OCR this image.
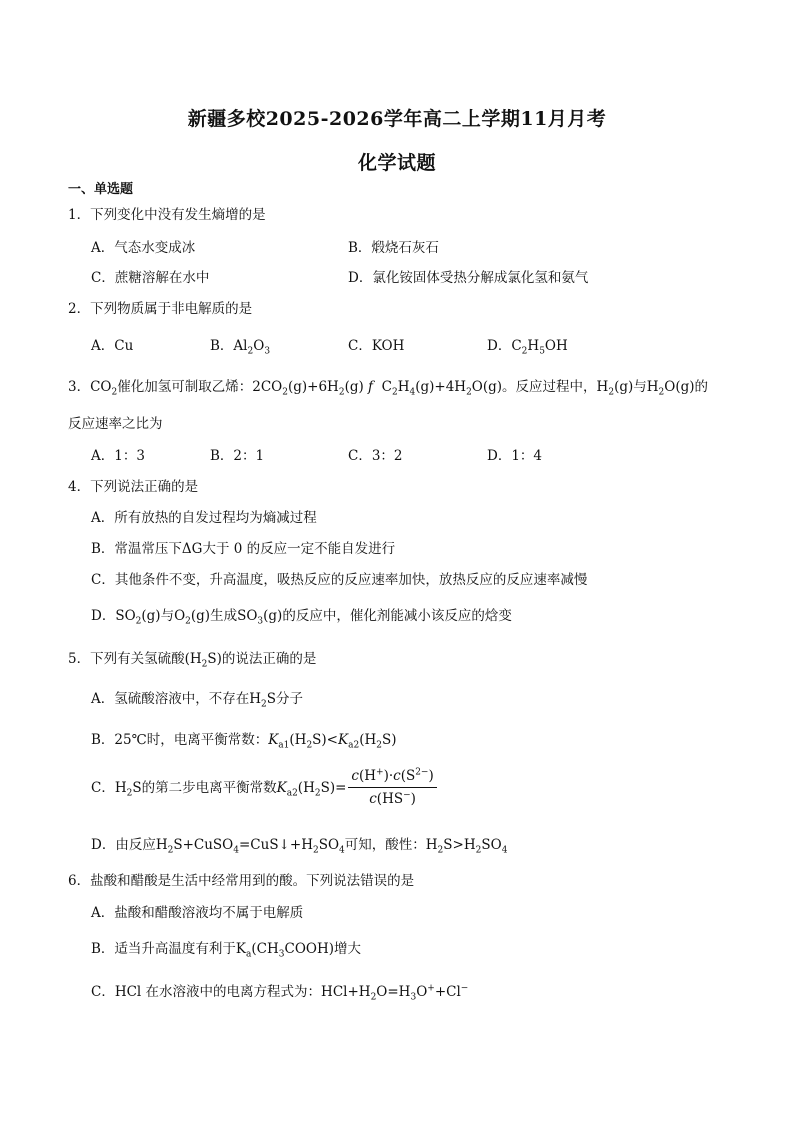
新疆多校2025-2026学年高二上学期11月月考
化学试题
一、单选题
1．下列变化中没有发生熵增的是
A．气态水变成冰	B．煅烧石灰石
C．蔗糖溶解在水中	D．氯化铵固体受热分解成氯化氢和氨气
2．下列物质属于非电解质的是
A．Cu	B．$Al_2O_3$	C．KOH	D．$C_2H_5OH$
3．$CO_2$催化加氢可制取乙烯：$2CO_2(g)+6H_2(g)$ f  $C_2H_4(g)+4H_2O(g)$。反应过程中，$H_2(g)$与$H_2O(g)$的
反应速率之比为
A．1：3	B．2：1	C．3：2	D．1：4
4．下列说法正确的是
A．所有放热的自发过程均为熵减过程
B．常温常压下ΔG大于 0 的反应一定不能自发进行
C．其他条件不变，升高温度，吸热反应的反应速率加快，放热反应的反应速率减慢
D．$SO_2(g)$与$O_2(g)$生成$SO_3(g)$的反应中，催化剂能减小该反应的焓变
5．下列有关氢硫酸$(H_2S)$的说法正确的是
A．氢硫酸溶液中，不存在$H_2S$分子
B．25℃时，电离平衡常数：$K_{a1}(H_2S)<K_{a2}(H_2S)$
C．$H_2S$的第二步电离平衡常数$K_{a2}(H_2S)= \frac{c(H^+)\cdot c(S^{2-})}{c(HS^-)}$
D．由反应$H_2S+CuSO_4=CuS↓+H_2SO_4$可知，酸性：$H_2S>H_2SO_4$
6．盐酸和醋酸是生活中经常用到的酸。下列说法错误的是
A．盐酸和醋酸溶液均不属于电解质
B．适当升高温度有利于$K_a(CH_3COOH)$增大
C．HCl 在水溶液中的电离方程式为：$HCl+H_2O=H_3O^++Cl^-$
